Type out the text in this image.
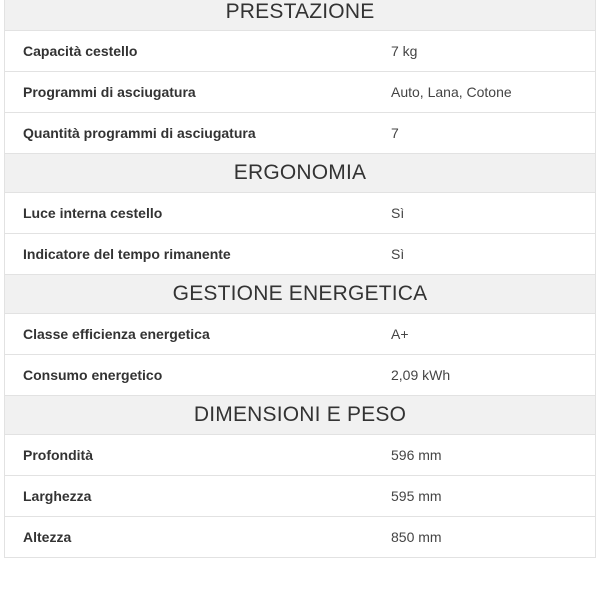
PRESTAZIONE
Capacità cestello	7 kg
Programmi di asciugatura	Auto, Lana, Cotone
Quantità programmi di asciugatura	7
ERGONOMIA
Luce interna cestello	Sì
Indicatore del tempo rimanente	Sì
GESTIONE ENERGETICA
Classe efficienza energetica	A+
Consumo energetico	2,09 kWh
DIMENSIONI E PESO
Profondità	596 mm
Larghezza	595 mm
Altezza	850 mm
